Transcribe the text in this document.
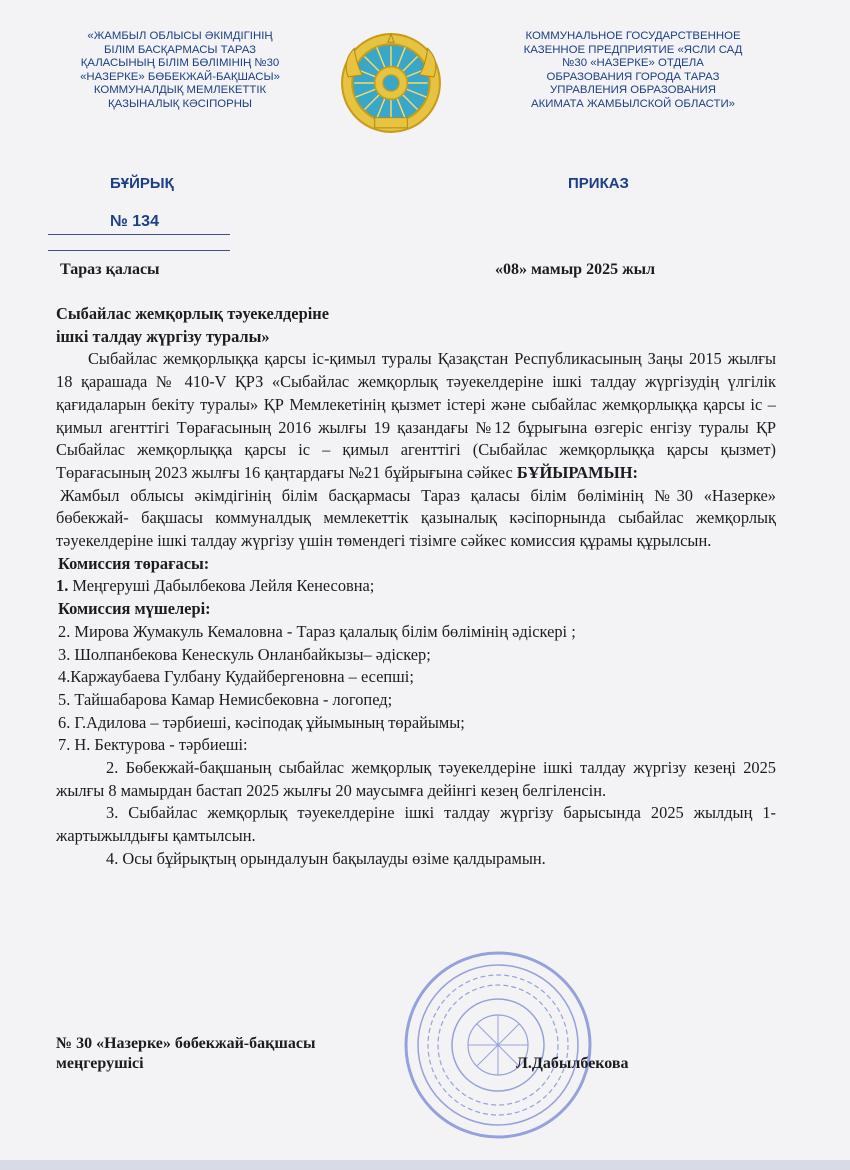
«ЖАМБЫЛ ОБЛЫСЫ ӘКІМДІГІНІҢ
БІЛІМ БАСҚАРМАСЫ ТАРАЗ
ҚАЛАСЫНЫҢ БІЛІМ БӨЛІМІНІҢ №30
«НАЗЕРКЕ» БӨБЕКЖАЙ-БАҚШАСЫ»
КОММУНАЛДЫҚ МЕМЛЕКЕТТІК
ҚАЗЫНАЛЫҚ КӘСІПОРНЫ
КОММУНАЛЬНОЕ ГОСУДАРСТВЕННОЕ
КАЗЕННОЕ ПРЕДПРИЯТИЕ «ЯСЛИ САД
№30 «НАЗЕРКЕ» ОТДЕЛА
ОБРАЗОВАНИЯ ГОРОДА ТАРАЗ
УПРАВЛЕНИЯ ОБРАЗОВАНИЯ
АКИМАТА ЖАМБЫЛСКОЙ ОБЛАСТИ»
БҰЙРЫҚ	ПРИКАЗ
№ 134
Тараз қаласы	«08» мамыр 2025 жыл

Сыбайлас жемқорлық тәуекелдеріне

ішкі талдау жүргізу туралы»

Сыбайлас жемқорлыққа қарсы іс-қимыл туралы Қазақстан Республикасының Заңы 2015 жылғы 18 қарашада № 410-V ҚРЗ «Сыбайлас жемқорлық тәуекелдеріне ішкі талдау жүргізудің үлгілік қағидаларын бекіту туралы» ҚР Мемлекетінің қызмет істері және сыбайлас жемқорлыққа қарсы іс – қимыл агенттігі Төрағасының 2016 жылғы 19 қазандағы №12 бұрығына өзгеріс енгізу туралы ҚР Сыбайлас жемқорлыққа қарсы іс – қимыл агенттігі (Сыбайлас жемқорлыққа қарсы қызмет) Төрағасының 2023 жылғы 16 қаңтардағы №21 бұйрығына сәйкес БҰЙЫРАМЫН:

Жамбыл облысы әкімдігінің білім басқармасы Тараз қаласы білім бөлімінің №30 «Назерке» бөбекжай- бақшасы коммуналдық мемлекеттік қазыналық кәсіпорнында сыбайлас жемқорлық тәуекелдеріне ішкі талдау жүргізу үшін төмендегі тізімге сәйкес комиссия құрамы құрылсын.

Комиссия төрағасы:

1. Меңгеруші Дабылбекова Лейля Кенесовна;

Комиссия мүшелері:

2. Мирова Жумакуль Кемаловна - Тараз қалалық білім бөлімінің әдіскері ;

3. Шолпанбекова Кенескуль Онланбайкызы– әдіскер;

4.Каржаубаева Гулбану Кудайбергеновна – есепші;

5. Тайшабарова Камар Немисбековна - логопед;

6. Г.Адилова – тәрбиеші, кәсіподақ ұйымының төрайымы;

7. Н. Бектурова - тәрбиеші:

2. Бөбекжай-бақшаның сыбайлас жемқорлық тәуекелдеріне ішкі талдау жүргізу кезеңі 2025 жылғы 8 мамырдан бастап 2025 жылғы 20 маусымға дейінгі кезең белгіленсін.

3. Сыбайлас жемқорлық тәуекелдеріне ішкі талдау жүргізу барысында 2025 жылдың 1-жартыжылдығы қамтылсын.

4. Осы бұйрықтың орындалуын бақылауды өзіме қалдырамын.

№ 30 «Назерке» бөбекжай-бақшасы
меңгерушісі	Л.Дабылбекова
